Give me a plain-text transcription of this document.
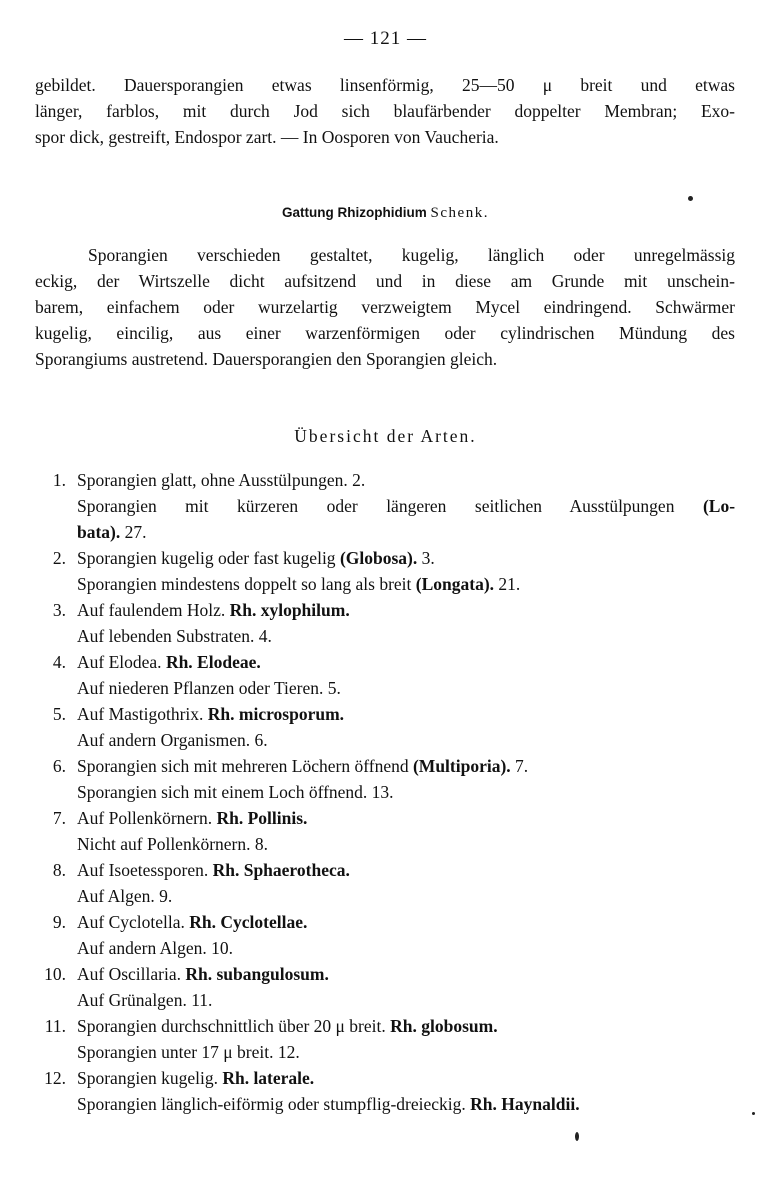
— 121 —
gebildet. Dauersporangien etwas linsenförmig, 25—50 μ breit und etwas
länger, farblos, mit durch Jod sich blaufärbender doppelter Membran; Exo-
spor dick, gestreift, Endospor zart. — In Oosporen von Vaucheria.
Gattung Rhizophidium Schenk.
Sporangien verschieden gestaltet, kugelig, länglich oder unregelmässig
eckig, der Wirtszelle dicht aufsitzend und in diese am Grunde mit unschein-
barem, einfachem oder wurzelartig verzweigtem Mycel eindringend. Schwärmer
kugelig, eincilig, aus einer warzenförmigen oder cylindrischen Mündung des
Sporangiums austretend. Dauersporangien den Sporangien gleich.
Übersicht der Arten.
1. Sporangien glatt, ohne Ausstülpungen. 2.
Sporangien mit kürzeren oder längeren seitlichen Ausstülpungen (Lo-
bata). 27.
2. Sporangien kugelig oder fast kugelig (Globosa). 3.
Sporangien mindestens doppelt so lang als breit (Longata). 21.
3. Auf faulendem Holz. Rh. xylophilum.
Auf lebenden Substraten. 4.
4. Auf Elodea. Rh. Elodeae.
Auf niederen Pflanzen oder Tieren. 5.
5. Auf Mastigothrix. Rh. microsporum.
Auf andern Organismen. 6.
6. Sporangien sich mit mehreren Löchern öffnend (Multiporia). 7.
Sporangien sich mit einem Loch öffnend. 13.
7. Auf Pollenkörnern. Rh. Pollinis.
Nicht auf Pollenkörnern. 8.
8. Auf Isoetessporen. Rh. Sphaerotheca.
Auf Algen. 9.
9. Auf Cyclotella. Rh. Cyclotellae.
Auf andern Algen. 10.
10. Auf Oscillaria. Rh. subangulosum.
Auf Grünalgen. 11.
11. Sporangien durchschnittlich über 20 μ breit. Rh. globosum.
Sporangien unter 17 μ breit. 12.
12. Sporangien kugelig. Rh. laterale.
Sporangien länglich-eiförmig oder stumpflig-dreieckig. Rh. Haynaldii.
